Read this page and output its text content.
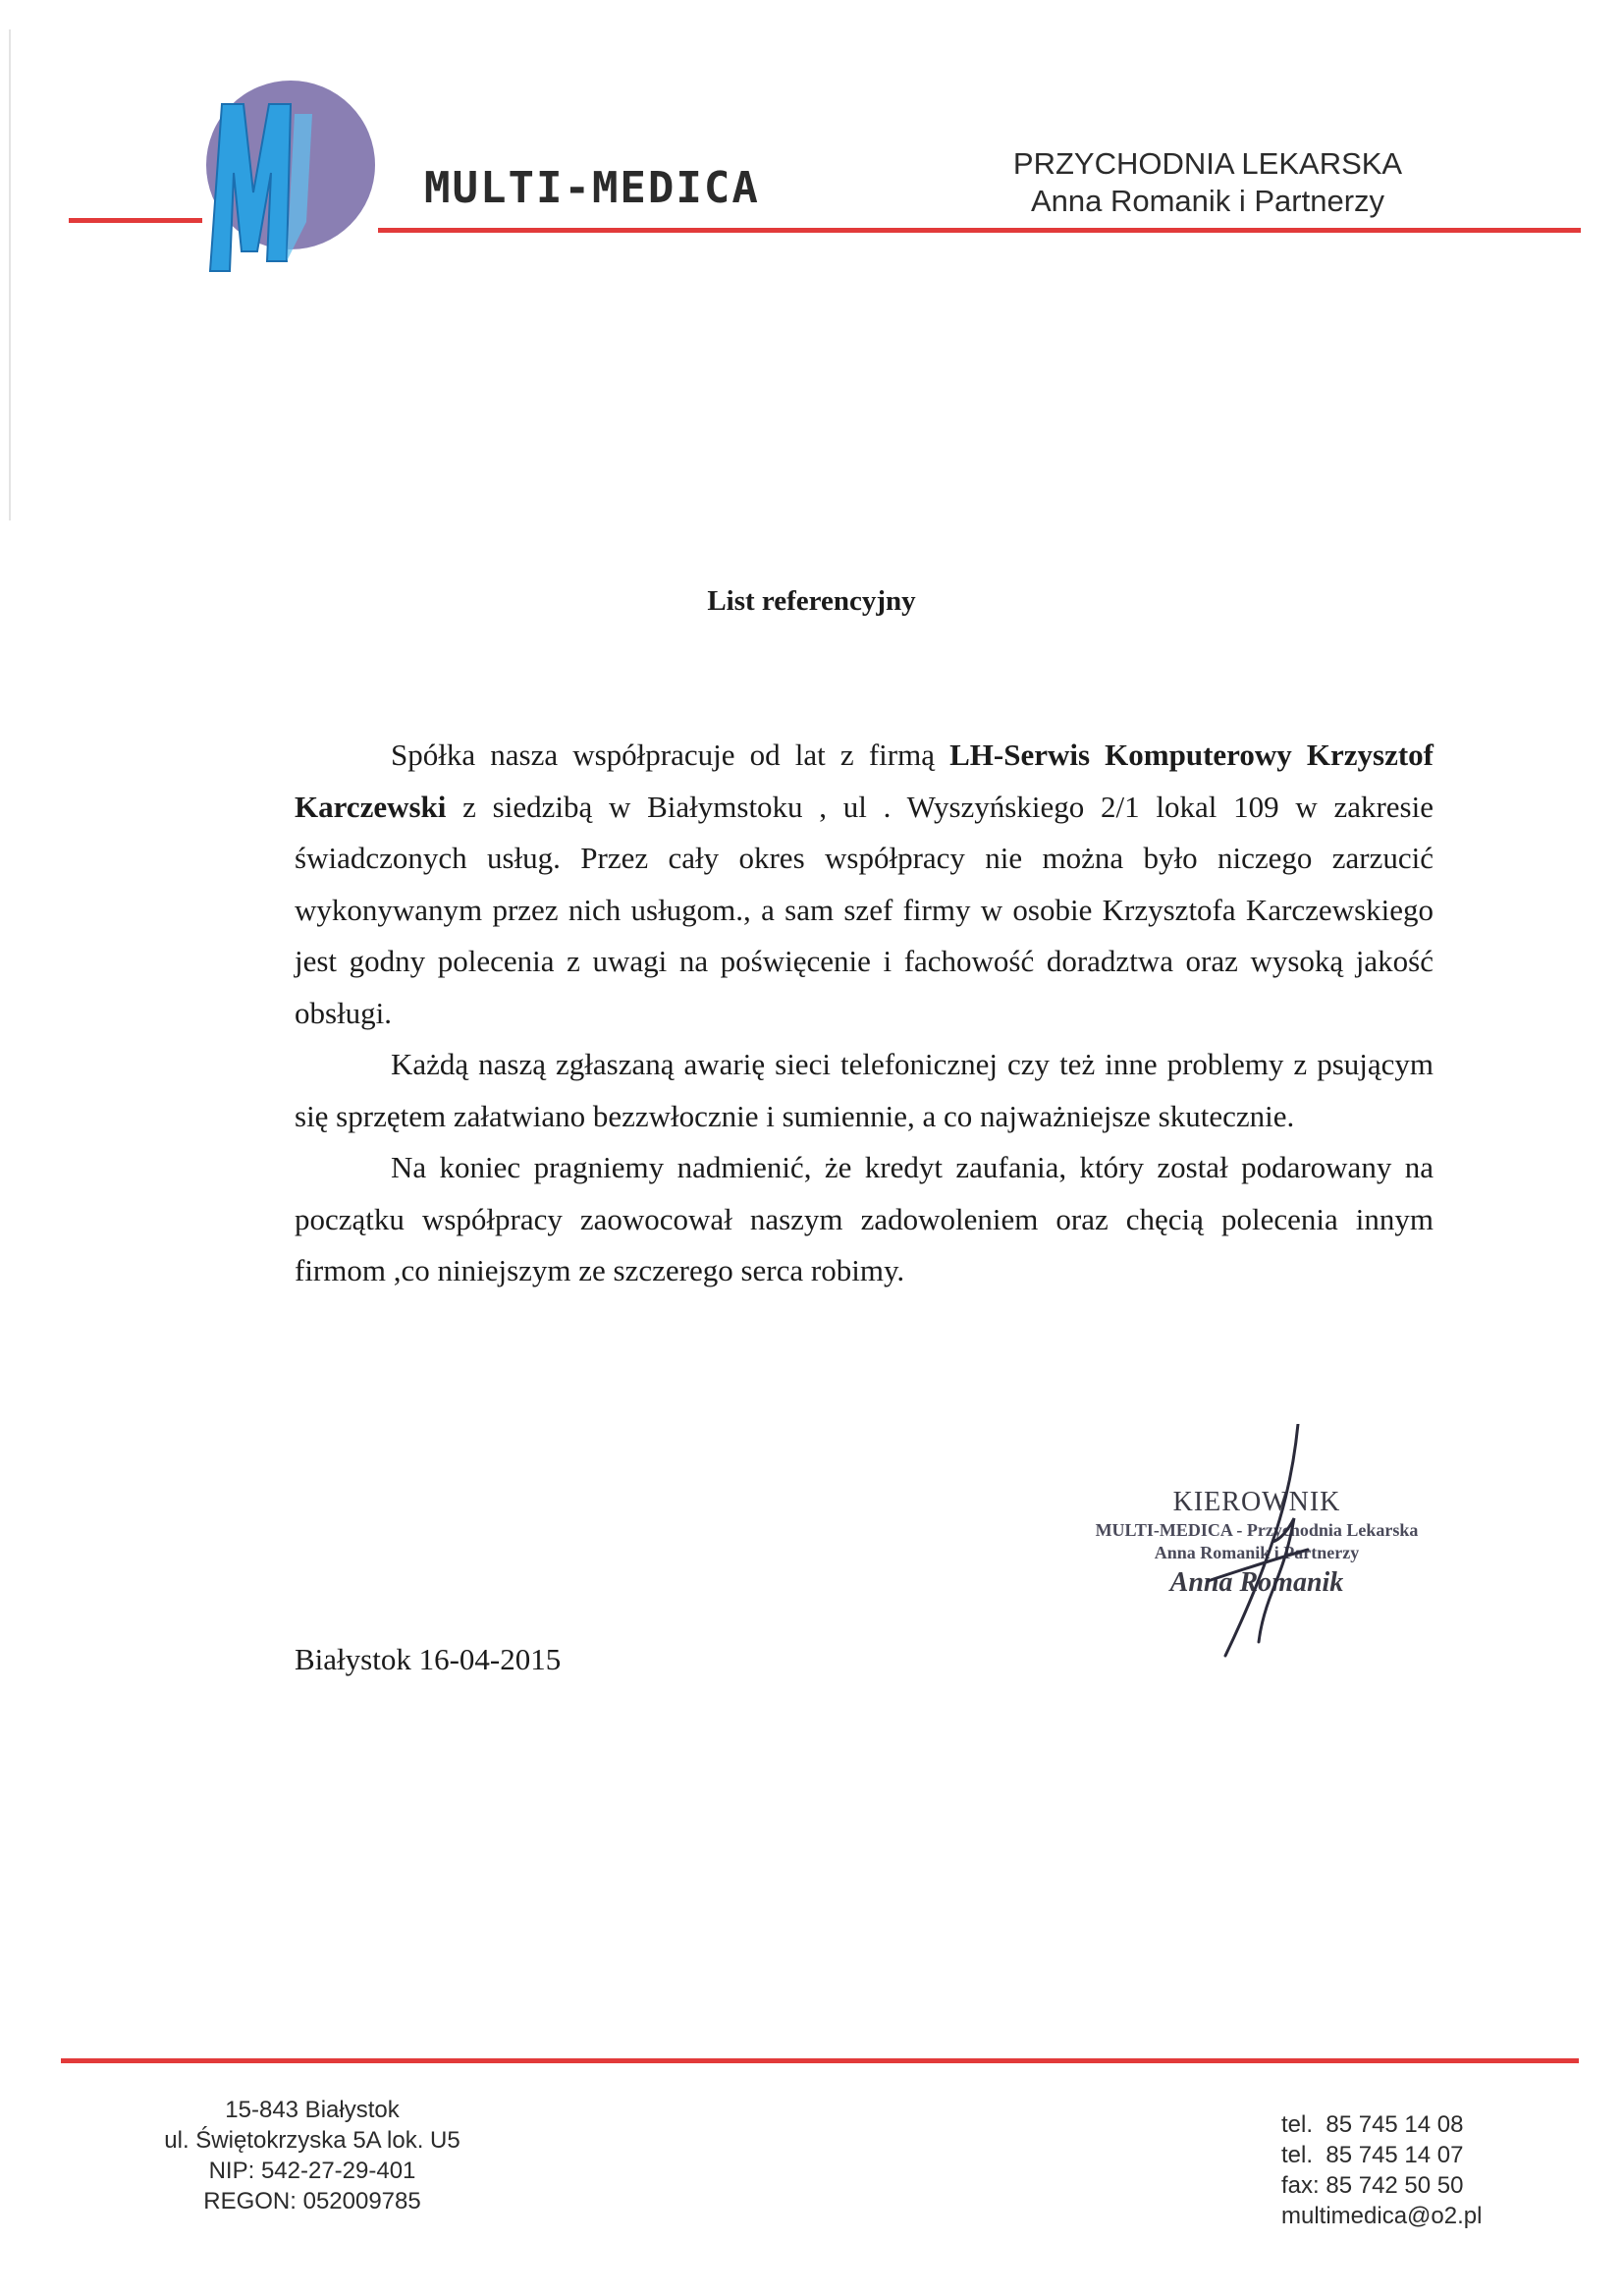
MULTI-MEDICA	PRZYCHODNIA LEKARSKA
Anna Romanik i Partnerzy
List referencyjny

Spółka nasza współpracuje od lat z firmą LH-Serwis Komputerowy Krzysztof Karczewski z siedzibą w Białymstoku , ul . Wyszyńskiego 2/1 lokal 109 w zakresie świadczonych usług. Przez cały okres współpracy nie można było niczego zarzucić wykonywanym przez nich usługom., a sam szef firmy w osobie Krzysztofa Karczewskiego jest godny polecenia z uwagi na poświęcenie i fachowość doradztwa oraz wysoką jakość obsługi.

Każdą naszą zgłaszaną awarię sieci telefonicznej czy też inne problemy z psującym się sprzętem załatwiano bezzwłocznie i sumiennie, a co najważniejsze skutecznie.

Na koniec pragniemy nadmienić, że kredyt zaufania, który został podarowany na początku współpracy zaowocował naszym zadowoleniem oraz chęcią polecenia innym firmom ,co niniejszym ze szczerego serca robimy.

KIEROWNIK
MULTI-MEDICA - Przychodnia Lekarska
Anna Romanik i Partnerzy
Anna Romanik
Białystok 16-04-2015
15-843 Białystok
ul. Świętokrzyska 5A lok. U5
NIP: 542-27-29-401
REGON: 052009785
tel.  85 745 14 08
tel.  85 745 14 07
fax: 85 742 50 50
multimedica@o2.pl
